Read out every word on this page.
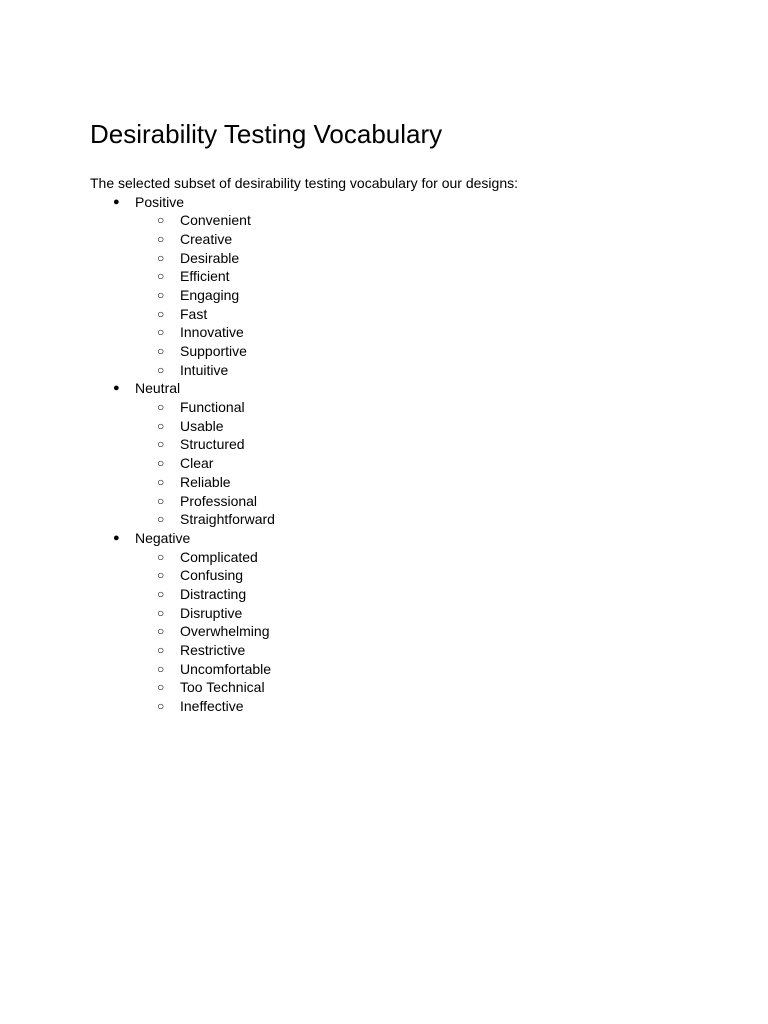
Desirability Testing Vocabulary

The selected subset of desirability testing vocabulary for our designs:

● Positive
○ Convenient
○ Creative
○ Desirable
○ Efficient
○ Engaging
○ Fast
○ Innovative
○ Supportive
○ Intuitive
● Neutral
○ Functional
○ Usable
○ Structured
○ Clear
○ Reliable
○ Professional
○ Straightforward
● Negative
○ Complicated
○ Confusing
○ Distracting
○ Disruptive
○ Overwhelming
○ Restrictive
○ Uncomfortable
○ Too Technical
○ Ineffective
